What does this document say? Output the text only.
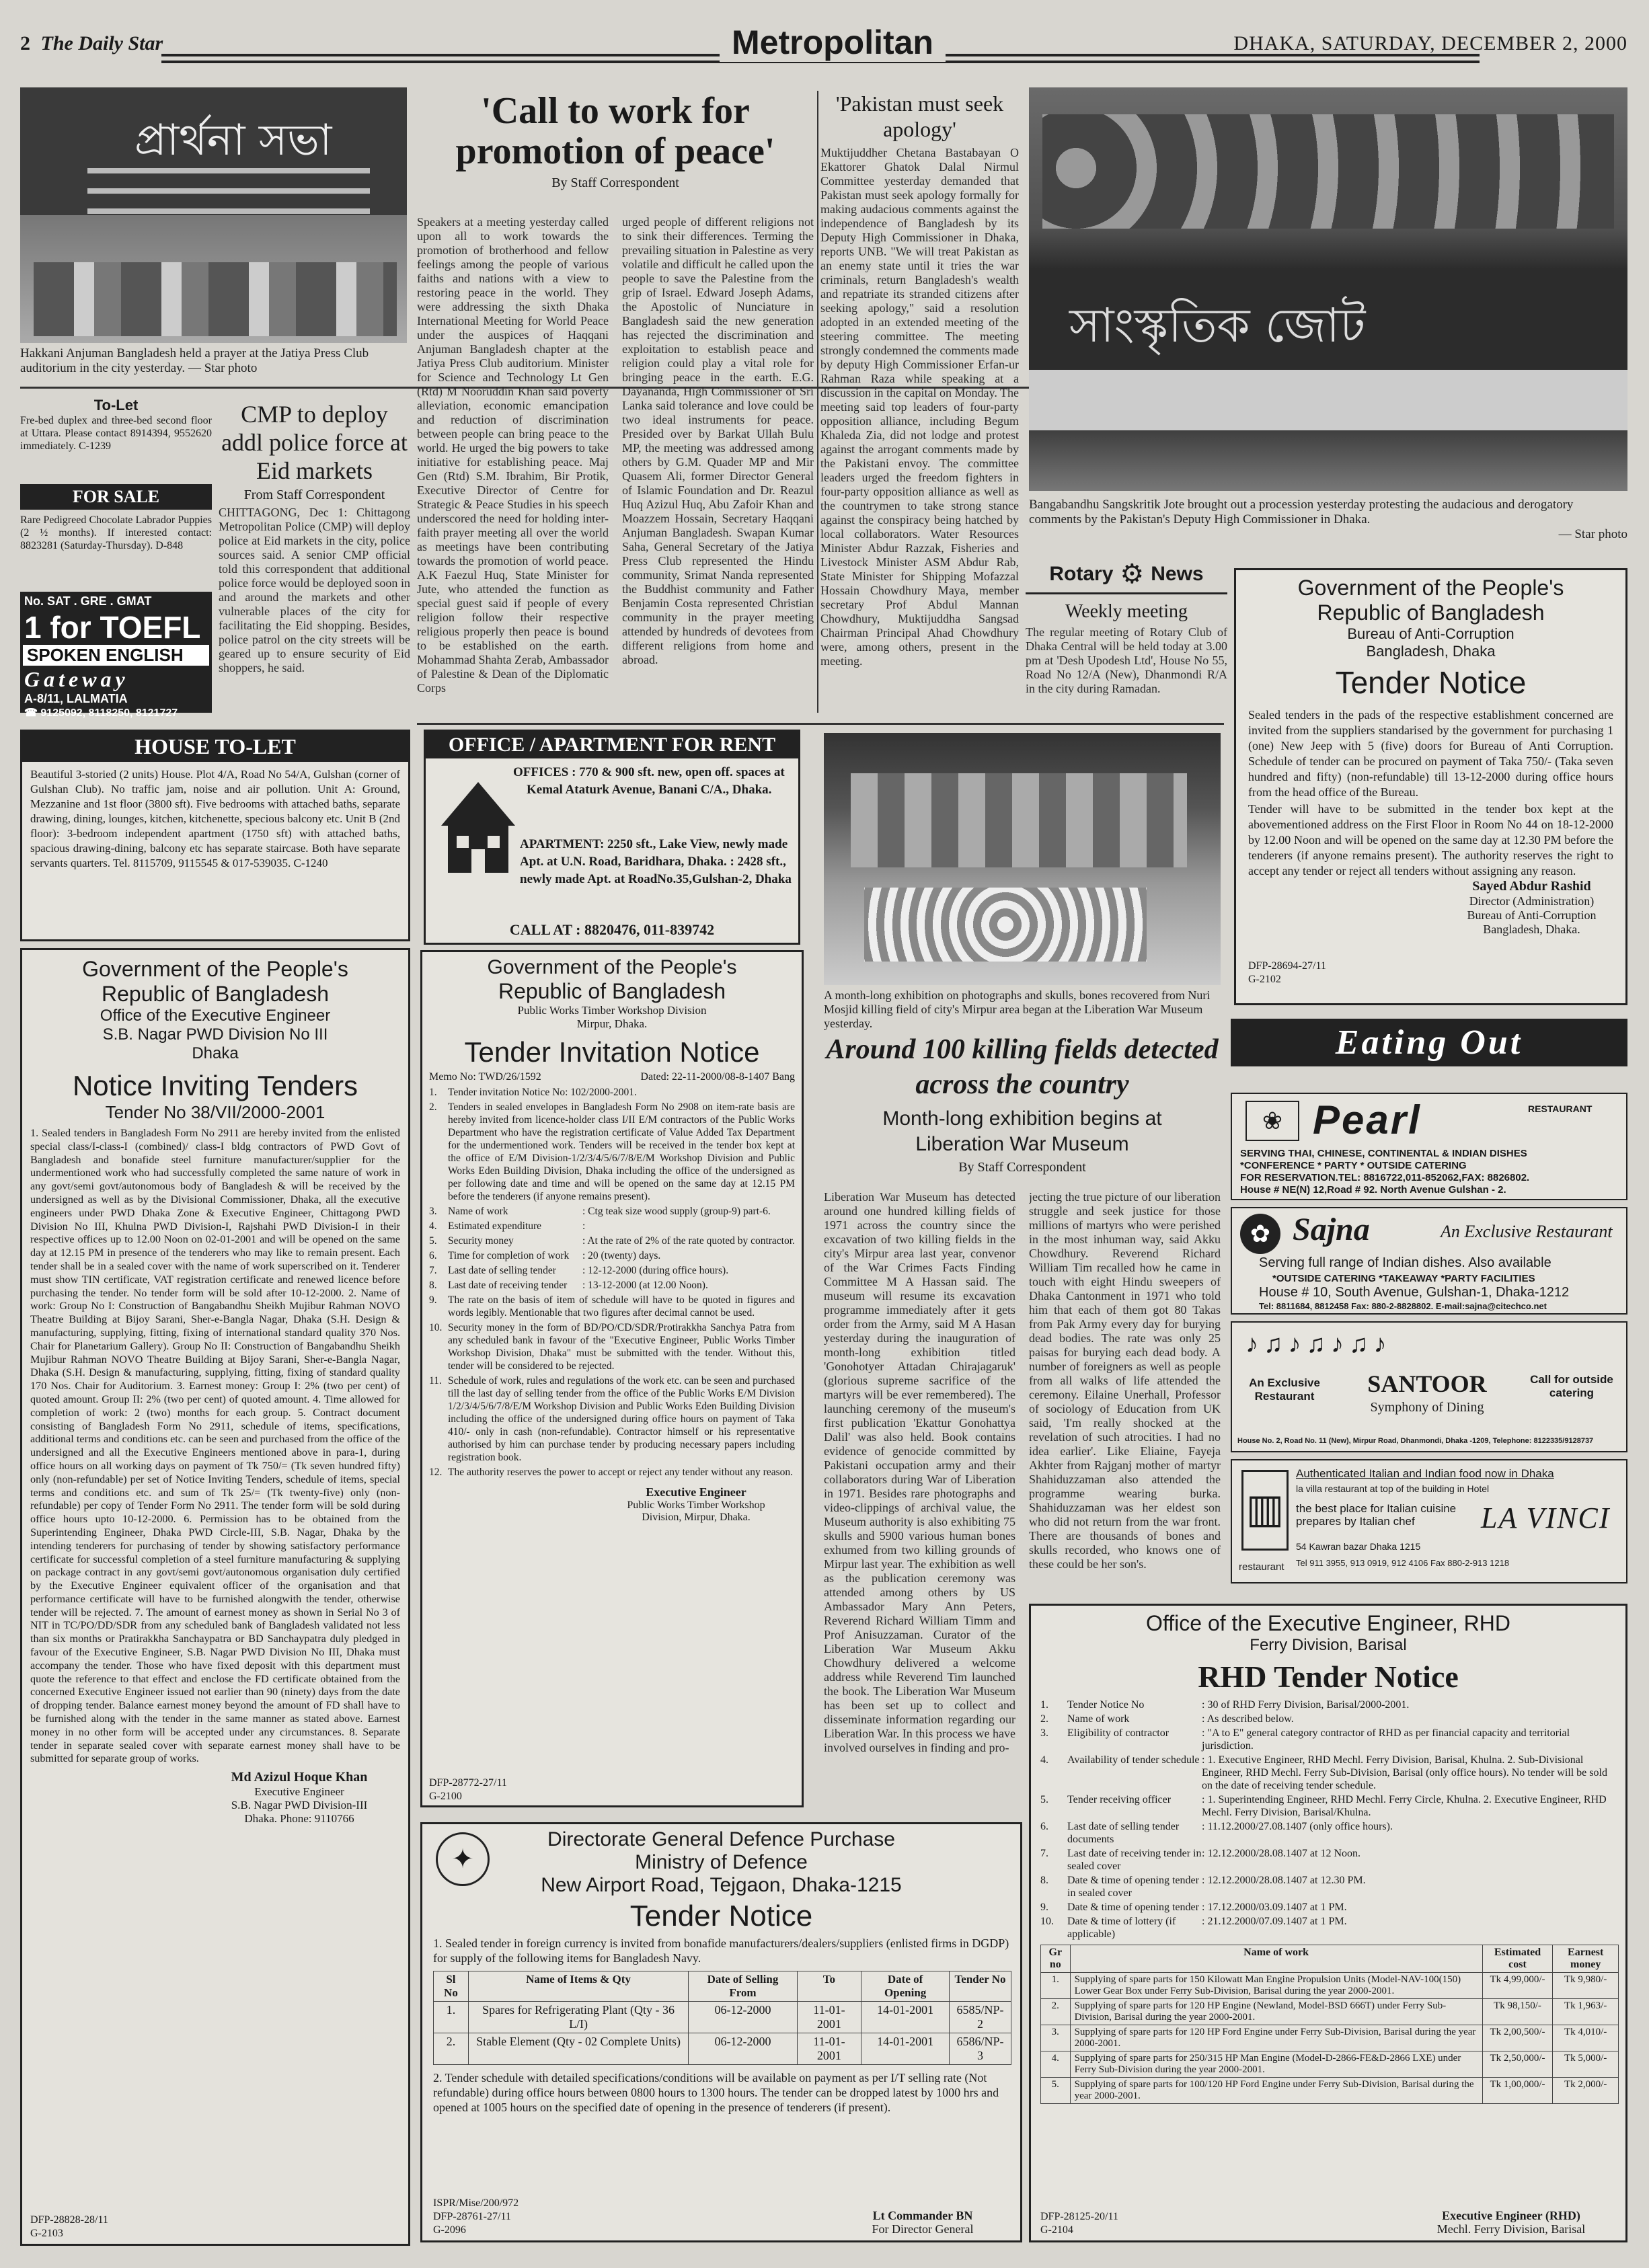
2 The Daily Star	Metropolitan	DHAKA, SATURDAY, DECEMBER 2, 2000
প্রার্থনা সভা
Hakkani Anjuman Bangladesh held a prayer at the Jatiya Press Club auditorium in the city yesterday. — Star photo
To-Let
Fre-bed duplex and three-bed second floor at Uttara. Please contact 8914394, 9552620 immediately. C-1239
FOR SALE
Rare Pedigreed Chocolate Labrador Puppies (2 ½ months). If interested contact: 8823281 (Saturday-Thursday). D-848
No. SAT . GRE . GMAT
1 for TOEFL
SPOKEN ENGLISH
Gateway
A-8/11, LALMATIA
☎ 9125092, 8118250, 8121727
CMP to deploy addl police force at Eid markets
From Staff Correspondent
CHITTAGONG, Dec 1: Chittagong Metropolitan Police (CMP) will deploy police at Eid markets in the city, police sources said. A senior CMP official told this correspondent that additional police force would be deployed soon in and around the markets and other vulnerable places of the city for facilitating the Eid shopping. Besides, police patrol on the city streets will be geared up to ensure security of Eid shoppers, he said.
HOUSE TO-LET
Beautiful 3-storied (2 units) House. Plot 4/A, Road No 54/A, Gulshan (corner of Gulshan Club). No traffic jam, noise and air pollution. Unit A: Ground, Mezzanine and 1st floor (3800 sft). Five bedrooms with attached baths, separate drawing, dining, lounges, kitchen, kitchenette, specious balcony etc. Unit B (2nd floor): 3-bedroom independent apartment (1750 sft) with attached baths, spacious drawing-dining, balcony etc has separate staircase. Both have separate servants quarters. Tel. 8115709, 9115545 & 017-539035. C-1240
Government of the People's
Republic of Bangladesh
Office of the Executive Engineer
S.B. Nagar PWD Division No III
Dhaka
Notice Inviting Tenders
Tender No 38/VII/2000-2001
1. Sealed tenders in Bangladesh Form No 2911 are hereby invited from the enlisted special class/I-class-I (combined)/ class-I bldg contractors of PWD Govt of Bangladesh and bonafide steel furniture manufacturer/supplier for the undermentioned work who had successfully completed the same nature of work in any govt/semi govt/autonomous body of Bangladesh & will be received by the undersigned as well as by the Divisional Commissioner, Dhaka, all the executive engineers under PWD Dhaka Zone & Executive Engineer, Chittagong PWD Division No III, Khulna PWD Division-I, Rajshahi PWD Division-I in their respective offices up to 12.00 Noon on 02-01-2001 and will be opened on the same day at 12.15 PM in presence of the tenderers who may like to remain present. Each tender shall be in a sealed cover with the name of work superscribed on it. Tenderer must show TIN certificate, VAT registration certificate and renewed licence before purchasing the tender. No tender form will be sold after 10-12-2000. 2. Name of work: Group No I: Construction of Bangabandhu Sheikh Mujibur Rahman NOVO Theatre Building at Bijoy Sarani, Sher-e-Bangla Nagar, Dhaka (S.H. Design & manufacturing, supplying, fitting, fixing of international standard quality 370 Nos. Chair for Planetarium Gallery). Group No II: Construction of Bangabandhu Sheikh Mujibur Rahman NOVO Theatre Building at Bijoy Sarani, Sher-e-Bangla Nagar, Dhaka (S.H. Design & manufacturing, supplying, fitting, fixing of standard quality 170 Nos. Chair for Auditorium. 3. Earnest money: Group I: 2% (two per cent) of quoted amount. Group II: 2% (two per cent) of quoted amount. 4. Time allowed for completion of work: 2 (two) months for each group. 5. Contract document consisting of Bangladesh Form No 2911, schedule of items, specifications, additional terms and conditions etc. can be seen and purchased from the office of the undersigned and all the Executive Engineers mentioned above in para-1, during office hours on all working days on payment of Tk 750/= (Tk seven hundred fifty) only (non-refundable) per set of Notice Inviting Tenders, schedule of items, special terms and conditions etc. and sum of Tk 25/= (Tk twenty-five) only (non-refundable) per copy of Tender Form No 2911. The tender form will be sold during office hours upto 10-12-2000. 6. Permission has to be obtained from the Superintending Engineer, Dhaka PWD Circle-III, S.B. Nagar, Dhaka by the intending tenderers for purchasing of tender by showing satisfactory performance certificate for successful completion of a steel furniture manufacturing & supplying on package contract in any govt/semi govt/autonomous organisation duly certified by the Executive Engineer equivalent officer of the organisation and that performance certificate will have to be furnished alongwith the tender, otherwise tender will be rejected. 7. The amount of earnest money as shown in Serial No 3 of NIT in TC/PO/DD/SDR from any scheduled bank of Bangladesh validated not less than six months or Pratirakkha Sanchaypatra or BD Sanchaypatra duly pledged in favour of the Executive Engineer, S.B. Nagar PWD Division No III, Dhaka must accompany the tender. Those who have fixed deposit with this department must quote the reference to that effect and enclose the FD certificate obtained from the concerned Executive Engineer issued not earlier than 90 (ninety) days from the date of dropping tender. Balance earnest money beyond the amount of FD shall have to be furnished along with the tender in the same manner as stated above. Earnest money in no other form will be accepted under any circumstances. 8. Separate tender in separate sealed cover with separate earnest money shall have to be submitted for separate group of works.
Md Azizul Hoque Khan
Executive Engineer
S.B. Nagar PWD Division-III
Dhaka. Phone: 9110766
DFP-28828-28/11
G-2103
'Call to work for promotion of peace'
By Staff Correspondent
Speakers at a meeting yesterday called upon all to work towards the promotion of brotherhood and fellow feelings among the people of various faiths and nations with a view to restoring peace in the world. They were addressing the sixth Dhaka International Meeting for World Peace under the auspices of Haqqani Anjuman Bangladesh chapter at the Jatiya Press Club auditorium. Minister for Science and Technology Lt Gen (Rtd) M Nooruddin Khan said poverty alleviation, economic emancipation and reduction of discrimination between people can bring peace to the world. He urged the big powers to take initiative for establishing peace. Maj Gen (Rtd) S.M. Ibrahim, Bir Protik, Executive Director of Centre for Strategic & Peace Studies in his speech underscored the need for holding inter-faith prayer meeting all over the world as meetings have been contributing towards the promotion of world peace. A.K Faezul Huq, State Minister for Jute, who attended the function as special guest said if people of every religion follow their respective religious properly then peace is bound to be established on the earth. Mohammad Shahta Zerab, Ambassador of Palestine & Dean of the Diplomatic Corps
urged people of different religions not to sink their differences. Terming the prevailing situation in Palestine as very volatile and difficult he called upon the people to save the Palestine from the grip of Israel. Edward Joseph Adams, the Apostolic of Nunciature in Bangladesh said the new generation has rejected the discrimination and exploitation to establish peace and religion could play a vital role for bringing peace in the earth. E.G. Dayananda, High Commissioner of Sri Lanka said tolerance and love could be two ideal instruments for peace. Presided over by Barkat Ullah Bulu MP, the meeting was addressed among others by G.M. Quader MP and Mir Quasem Ali, former Director General of Islamic Foundation and Dr. Reazul Huq Azizul Huq, Abu Zafoir Khan and Moazzem Hossain, Secretary Haqqani Anjuman Bangladesh. Swapan Kumar Saha, General Secretary of the Jatiya Press Club represented the Hindu community, Srimat Nanda represented the Buddhist community and Father Benjamin Costa represented Christian community in the prayer meeting attended by hundreds of devotees from different religions from home and abroad.
'Pakistan must seek apology'
Muktijuddher Chetana Bastabayan O Ekattorer Ghatok Dalal Nirmul Committee yesterday demanded that Pakistan must seek apology formally for making audacious comments against the independence of Bangladesh by its Deputy High Commissioner in Dhaka, reports UNB. "We will treat Pakistan as an enemy state until it tries the war criminals, return Bangladesh's wealth and repatriate its stranded citizens after seeking apology," said a resolution adopted in an extended meeting of the steering committee. The meeting strongly condemned the comments made by deputy High Commissioner Erfan-ur Rahman Raza while speaking at a discussion in the capital on Monday. The meeting said top leaders of four-party opposition alliance, including Begum Khaleda Zia, did not lodge and protest against the arrogant comments made by the Pakistani envoy. The committee leaders urged the freedom fighters in four-party opposition alliance as well as the countrymen to take strong stance against the conspiracy being hatched by local collaborators. Water Resources Minister Abdur Razzak, Fisheries and Livestock Minister ASM Abdur Rab, State Minister for Shipping Mofazzal Hossain Chowdhury Maya, member secretary Prof Abdul Mannan Chowdhury, Muktijuddha Sangsad Chairman Principal Ahad Chowdhury were, among others, present in the meeting.
সাংস্কৃতিক জোট
Bangabandhu Sangskritik Jote brought out a procession yesterday protesting the audacious and derogatory comments by the Pakistan's Deputy High Commissioner in Dhaka.
— Star photo
Rotary ⚙ News
Weekly meeting
The regular meeting of Rotary Club of Dhaka Central will be held today at 3.00 pm at 'Desh Upodesh Ltd', House No 55, Road No 12/A (New), Dhanmondi R/A in the city during Ramadan.
Government of the People's
Republic of Bangladesh
Bureau of Anti-Corruption
Bangladesh, Dhaka
Tender Notice
Sealed tenders in the pads of the respective establishment concerned are invited from the suppliers standarised by the government for purchasing 1 (one) New Jeep with 5 (five) doors for Bureau of Anti Corruption. Schedule of tender can be procured on payment of Taka 750/- (Taka seven hundred and fifty) (non-refundable) till 13-12-2000 during office hours from the head office of the Bureau.
Tender will have to be submitted in the tender box kept at the abovementioned address on the First Floor in Room No 44 on 18-12-2000 by 12.00 Noon and will be opened on the same day at 12.30 PM before the tenderers (if anyone remains present). The authority reserves the right to accept any tender or reject all tenders without assigning any reason.
Sayed Abdur Rashid
Director (Administration)
Bureau of Anti-Corruption
Bangladesh, Dhaka.
DFP-28694-27/11
G-2102
OFFICE / APARTMENT FOR RENT
OFFICES : 770 & 900 sft. new, open off. spaces at Kemal Ataturk Avenue, Banani C/A., Dhaka.
APARTMENT: 2250 sft., Lake View, newly made Apt. at U.N. Road, Baridhara, Dhaka. : 2428 sft., newly made Apt. at RoadNo.35,Gulshan-2, Dhaka
CALL AT : 8820476, 011-839742
A month-long exhibition on photographs and skulls, bones recovered from Nuri Mosjid killing field of city's Mirpur area began at the Liberation War Museum yesterday.
Government of the People's
Republic of Bangladesh
Public Works Timber Workshop Division
Mirpur, Dhaka.
Tender Invitation Notice
Memo No: TWD/26/1592	Dated: 22-11-2000/08-8-1407 Bang
1.	Tender invitation Notice No: 102/2000-2001.
2.	Tenders in sealed envelopes in Bangladesh Form No 2908 on item-rate basis are hereby invited from licence-holder class I/II E/M contractors of the Public Works Department who have the registration certificate of Value Added Tax Department for the undermentioned work. Tenders will be received in the tender box kept at the office of E/M Division-1/2/3/4/5/6/7/8/E/M Workshop Division and Public Works Eden Building Division, Dhaka including the office of the undersigned as per following date and time and will be opened on the same day at 12.15 PM before the tenderers (if anyone remains present).
3.	Name of work	: Ctg teak size wood supply (group-9) part-6.
4.	Estimated expenditure	:
5.	Security money	: At the rate of 2% of the rate quoted by contractor.
6.	Time for completion of work	: 20 (twenty) days.
7.	Last date of selling tender	: 12-12-2000 (during office hours).
8.	Last date of receiving tender	: 13-12-2000 (at 12.00 Noon).
9.	The rate on the basis of item of schedule will have to be quoted in figures and words legibly. Mentionable that two figures after decimal cannot be used.
10. Security money in the form of BD/PO/CD/SDR/Protirakkha Sanchya Patra from any scheduled bank in favour of the "Executive Engineer, Public Works Timber Workshop Division, Dhaka" must be submitted with the tender. Without this, tender will be considered to be rejected.
11. Schedule of work, rules and regulations of the work etc. can be seen and purchased till the last day of selling tender from the office of the Public Works E/M Division 1/2/3/4/5/6/7/8/E/M Workshop Division and Public Works Eden Building Division including the office of the undersigned during office hours on payment of Taka 410/- only in cash (non-refundable). Contractor himself or his representative authorised by him can purchase tender by producing necessary papers including registration book.
12. The authority reserves the power to accept or reject any tender without any reason.
Executive Engineer
Public Works Timber Workshop
Division, Mirpur, Dhaka.
DFP-28772-27/11
G-2100
Around 100 killing fields detected across the country
Month-long exhibition begins at Liberation War Museum
By Staff Correspondent
Liberation War Museum has detected around one hundred killing fields of 1971 across the country since the excavation of two killing fields in the city's Mirpur area last year, convenor of the War Crimes Facts Finding Committee M A Hassan said. The museum will resume its excavation programme immediately after it gets order from the Army, said M A Hasan yesterday during the inauguration of month-long exhibition titled 'Gonohotyer Attadan Chirajagaruk' (glorious supreme sacrifice of the martyrs will be ever remembered). The launching ceremony of the museum's first publication 'Ekattur Gonohattya Dalil' was also held. Book contains evidence of genocide committed by Pakistani occupation army and their collaborators during War of Liberation in 1971. Besides rare photographs and video-clippings of archival value, the Museum authority is also exhibiting 75 skulls and 5900 various human bones exhumed from two killing grounds of Mirpur last year. The exhibition as well as the publication ceremony was attended among others by US Ambassador Mary Ann Peters, Reverend Richard William Timm and Prof Anisuzzaman. Curator of the Liberation War Museum Akku Chowdhury delivered a welcome address while Reverend Tim launched the book. The Liberation War Museum has been set up to collect and disseminate information regarding our Liberation War. In this process we have involved ourselves in finding and pro-
jecting the true picture of our liberation struggle and seek justice for those millions of martyrs who were perished in the most inhuman way, said Akku Chowdhury. Reverend Richard William Tim recalled how he came in touch with eight Hindu sweepers of Dhaka Cantonment in 1971 who told him that each of them got 80 Takas from Pak Army every day for burying dead bodies. The rate was only 25 paisas for burying each dead body. A number of foreigners as well as people from all walks of life attended the ceremony. Eilaine Unerhall, Professor of sociology of Education from UK said, 'I'm really shocked at the revelation of such atrocities. I had no idea earlier'. Like Eliaine, Fayeja Akhter from Rajganj mother of martyr Shahiduzzaman also attended the programme wearing burka. Shahiduzzaman was her eldest son who did not return from the war front. There are thousands of bones and skulls recorded, who knows one of these could be her son's.
✦
Directorate General Defence Purchase
Ministry of Defence
New Airport Road, Tejgaon, Dhaka-1215
Tender Notice
1. Sealed tender in foreign currency is invited from bonafide manufacturers/dealers/suppliers (enlisted firms in DGDP) for supply of the following items for Bangladesh Navy.
Sl No	Name of Items & Qty	Date of Selling From	To	Date of Opening	Tender No
1.	Spares for Refrigerating Plant (Qty - 36 L/I)	06-12-2000	11-01-2001	14-01-2001	6585/NP-2
2.	Stable Element (Qty - 02 Complete Units)	06-12-2000	11-01-2001	14-01-2001	6586/NP-3
2. Tender schedule with detailed specifications/conditions will be available on payment as per I/T selling rate (Not refundable) during office hours between 0800 hours to 1300 hours. The tender can be dropped latest by 1000 hrs and opened at 1005 hours on the specified date of opening in the presence of tenderers (if present).
ISPR/Mise/200/972
DFP-28761-27/11
G-2096
Lt Commander BN
For Director General
Eating Out
Pearl	RESTAURANT
❀
SERVING THAI, CHINESE, CONTINENTAL & INDIAN DISHES
*CONFERENCE * PARTY * OUTSIDE CATERING
FOR RESERVATION.TEL: 8816722,011-852062,FAX: 8826802.
House # NE(N) 12,Road # 92. North Avenue Gulshan - 2.
✿ Sajna	An Exclusive Restaurant
Serving full range of Indian dishes. Also available
*OUTSIDE CATERING *TAKEAWAY *PARTY FACILITIES
House # 10, South Avenue, Gulshan-1, Dhaka-1212
Tel: 8811684, 8812458 Fax: 880-2-8828802. E-mail:sajna@citechco.net
♪♫♪♫♪♫♪
An Exclusive Restaurant	SANTOOR
Symphony of Dining
Call for outside catering
House No. 2, Road No. 11 (New), Mirpur Road, Dhanmondi, Dhaka -1209, Telephone: 8122335/9128737
▥
restaurant
Authenticated Italian and Indian food now in Dhaka
la villa restaurant at top of the building in Hotel
the best place for Italian cuisine prepares by Italian chef	LA VINCI
54 Kawran bazar Dhaka 1215
Tel 911 3955, 913 0919, 912 4106 Fax 880-2-913 1218
Office of the Executive Engineer, RHD
Ferry Division, Barisal
RHD Tender Notice
1.	Tender Notice No	: 30 of RHD Ferry Division, Barisal/2000-2001.
2.	Name of work	: As described below.
3.	Eligibility of contractor	: "A to E" general category contractor of RHD as per financial capacity and territorial jurisdiction.
4.	Availability of tender schedule : 1. Executive Engineer, RHD Mechl. Ferry Division, Barisal, Khulna. 2. Sub-Divisional Engineer, RHD Mechl. Ferry Sub-Division, Barisal (only office hours). No tender will be sold on the date of receiving tender schedule.
5.	Tender receiving officer	: 1. Superintending Engineer, RHD Mechl. Ferry Circle, Khulna. 2. Executive Engineer, RHD Mechl. Ferry Division, Barisal/Khulna.
6.	Last date of selling tender documents
: 11.12.2000/27.08.1407 (only office hours).
7.	Last date of receiving tender in sealed cover
: 12.12.2000/28.08.1407 at 12 Noon.
8.	Date & time of opening tender in sealed cover
: 12.12.2000/28.08.1407 at 12.30 PM.
9.	Date & time of opening tender : 17.12.2000/03.09.1407 at 1 PM.
10.	Date & time of lottery (if applicable)
: 21.12.2000/07.09.1407 at 1 PM.
Gr no	Name of work	Estimated cost	Earnest money
1.	Supplying of spare parts for 150 Kilowatt Man Engine Propulsion Units (Model-NAV-100(150) Lower Gear Box under Ferry Sub-Division, Barisal during the year 2000-2001.	Tk 4,99,000/-	Tk 9,980/-
2.	Supplying of spare parts for 120 HP Engine (Newland, Model-BSD 666T) under Ferry Sub-Division, Barisal during the year 2000-2001.	Tk 98,150/-	Tk 1,963/-
3.	Supplying of spare parts for 120 HP Ford Engine under Ferry Sub-Division, Barisal during the year 2000-2001.	Tk 2,00,500/-	Tk 4,010/-
4.	Supplying of spare parts for 250/315 HP Man Engine (Model-D-2866-FE&D-2866 LXE) under Ferry Sub-Division during the year 2000-2001.	Tk 2,50,000/-	Tk 5,000/-
5.	Supplying of spare parts for 100/120 HP Ford Engine under Ferry Sub-Division, Barisal during the year 2000-2001.	Tk 1,00,000/-	Tk 2,000/-
DFP-28125-20/11
G-2104
Executive Engineer (RHD)
Mechl. Ferry Division, Barisal
